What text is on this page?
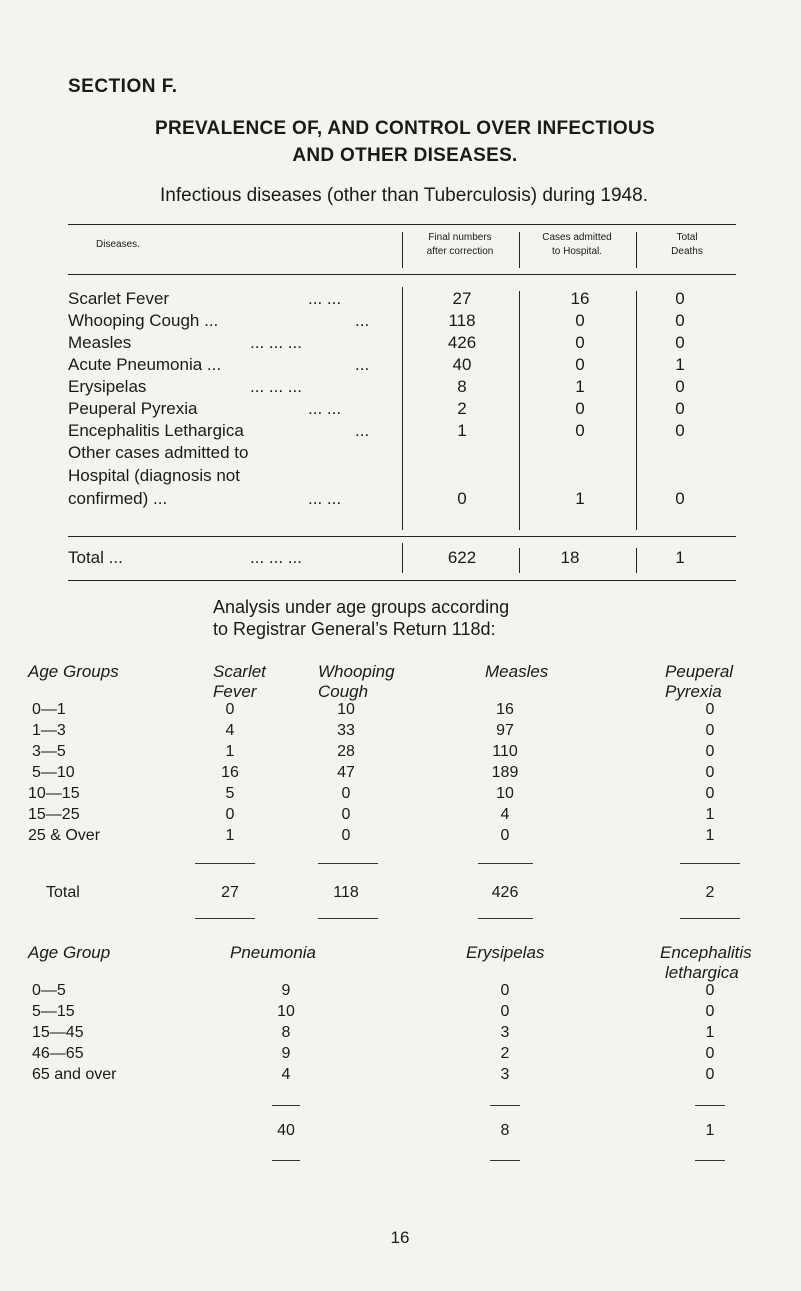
SECTION F.
PREVALENCE OF, AND CONTROL OVER INFECTIOUS
AND OTHER DISEASES.
Infectious diseases (other than Tuberculosis) during 1948.
Diseases.
Final numbers
after correction
Cases admitted
to Hospital.
Total
Deaths
Scarlet Fever	... ...	27	16	0
Whooping Cough ...	...	118	0	0
Measles	... ... ...	426	0	0
Acute Pneumonia ...	...	40	0	1
Erysipelas	... ... ...	8	1	0
Peuperal Pyrexia	... ...	2	0	0
Encephalitis Lethargica	...	1	0	0
Other cases admitted to
Hospital (diagnosis not
confirmed) ...	... ...	0	1	0
Total ...	... ... ...	622	18	1
Analysis under age groups according
to Registrar General’s Return 118d:
Age Groups	Scarlet
Fever
Whooping
Cough
Measles	Peuperal
Pyrexia
0—1	0	10	16	0
1—3	4	33	97	0
3—5	1	28	110	0
5—10	16	47	189	0
10—15	5	0	10	0
15—25	0	0	4	1
25 & Over	1	0	0	1
Total	27	118	426	2
Age Group	Pneumonia	Erysipelas	Encephalitis
lethargica
0—5	9	0	0
5—15	10	0	0
15—45	8	3	1
46—65	9	2	0
65 and over	4	3	0
40	8	1
16
